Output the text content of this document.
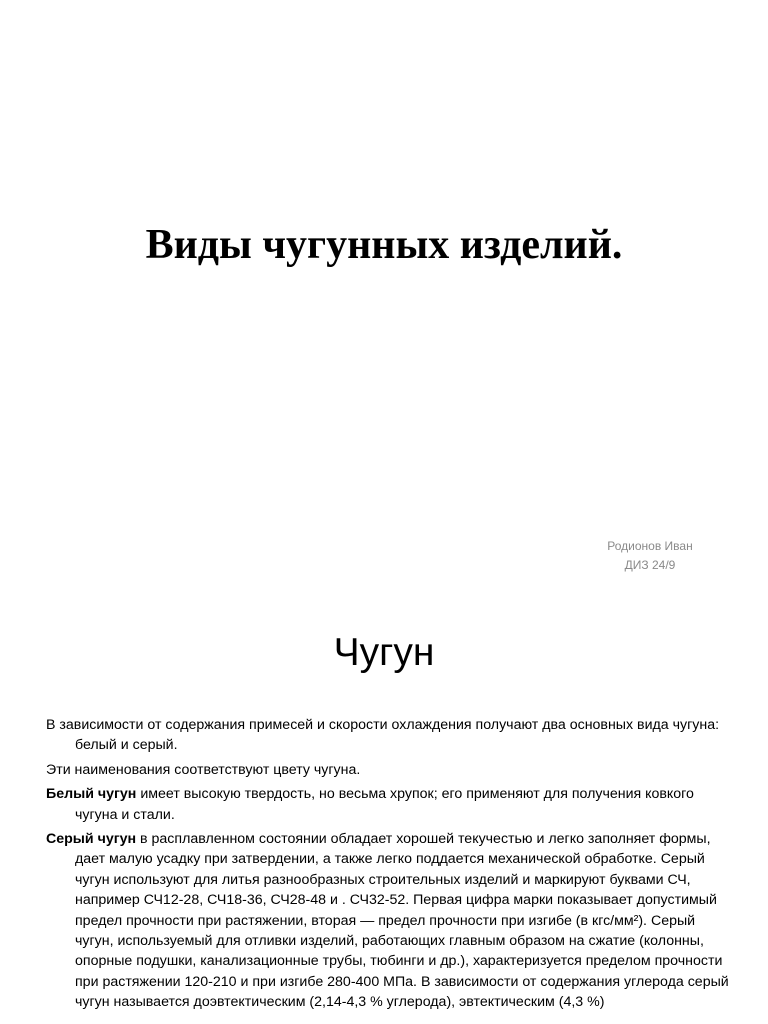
Виды чугунных изделий.
Родионов Иван
ДИЗ 24/9
Чугун

В зависимости от содержания примесей и скорости охлаждения получают два основных вида чугуна: белый и серый.

Эти наименования соответствуют цвету чугуна.

Белый чугун имеет высокую твердость, но весьма хрупок; его применяют для получения ковкого чугуна и стали.

Серый чугун в расплавленном состоянии обладает хорошей текучестью и легко заполняет формы, дает малую усадку при затвердении, а также легко поддается механической обработке. Серый чугун используют для литья разнообразных строительных изделий и маркируют буквами СЧ, например СЧ12-28, СЧ18-36, СЧ28-48 и . СЧ32-52. Первая цифра марки показывает допустимый предел прочности при растяжении, вторая — предел прочности при изгибе (в кгс/мм²). Серый чугун, используемый для отливки изделий, работающих главным образом на сжатие (колонны, опорные подушки, канализационные трубы, тюбинги и др.), характеризуется пределом прочности при растяжении 120-210 и при изгибе 280-400 МПа. В зависимости от содержания углерода серый чугун называется доэвтектическим (2,14-4,3 % углерода), эвтектическим (4,3 %)
